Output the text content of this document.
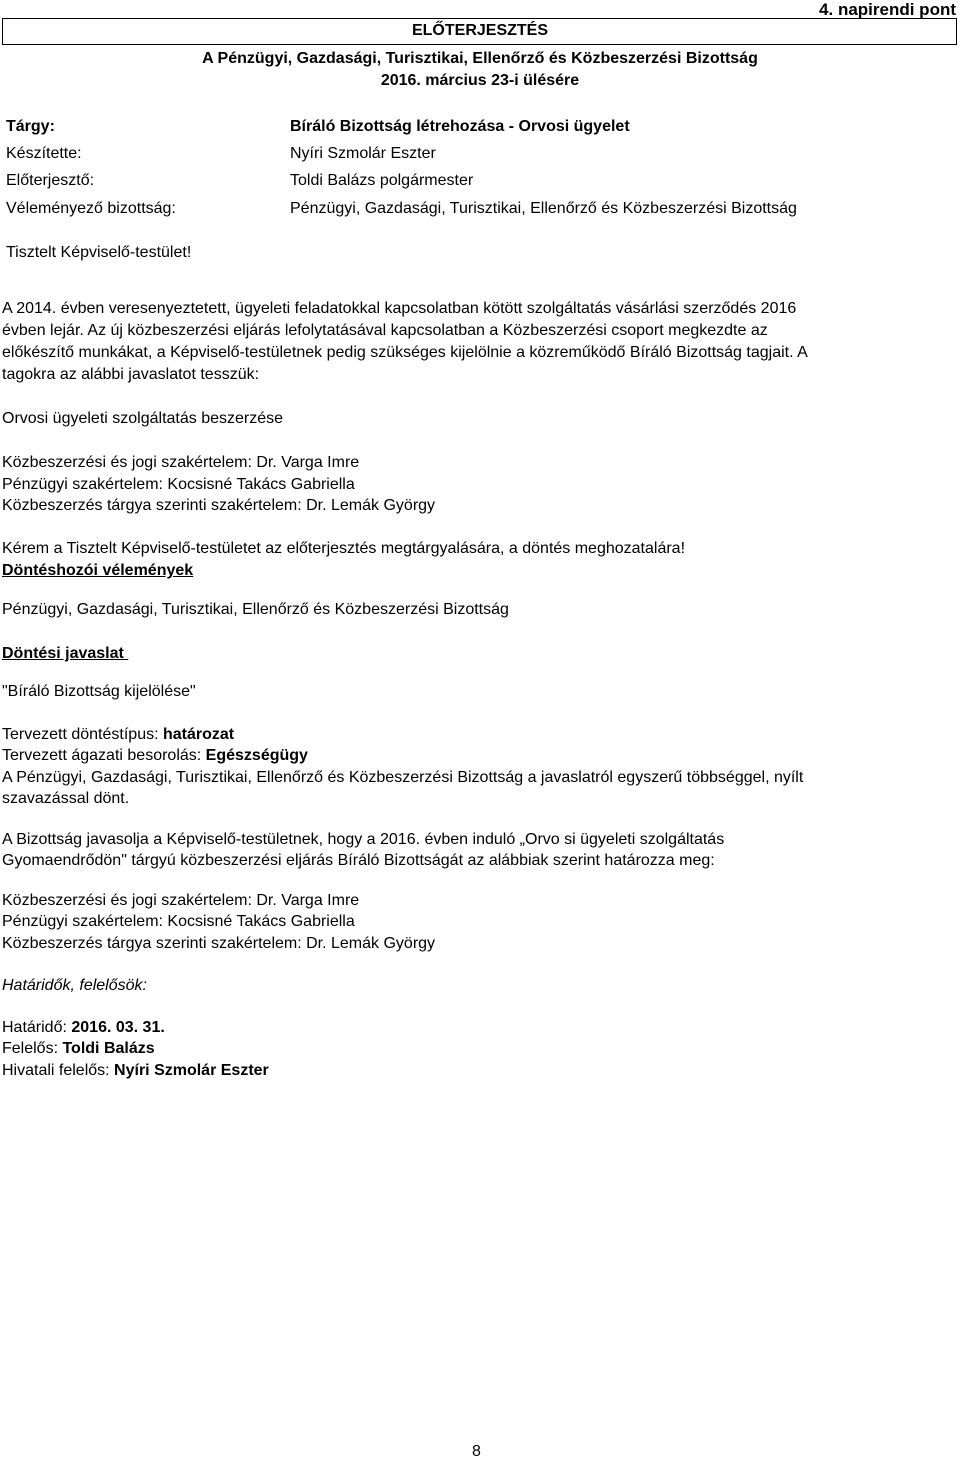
4. napirendi pont
ELŐTERJESZTÉS
A Pénzügyi, Gazdasági, Turisztikai, Ellenőrző és Közbeszerzési Bizottság
2016. március 23-i ülésére
Tárgy:	Bíráló Bizottság létrehozása - Orvosi ügyelet
Készítette:	Nyíri Szmolár Eszter
Előterjesztő:	Toldi Balázs polgármester
Véleményező bizottság:	Pénzügyi, Gazdasági, Turisztikai, Ellenőrző és Közbeszerzési Bizottság
Tisztelt Képviselő-testület!
A 2014. évben veresenyeztetett, ügyeleti feladatokkal kapcsolatban kötött szolgáltatás vásárlási szerződés 2016
évben lejár. Az új közbeszerzési eljárás lefolytatásával kapcsolatban a Közbeszerzési csoport megkezdte az
előkészítő munkákat, a Képviselő-testületnek pedig szükséges kijelölnie a közreműködő Bíráló Bizottság tagjait. A
tagokra az alábbi javaslatot tesszük:
Orvosi ügyeleti szolgáltatás beszerzése
Közbeszerzési és jogi szakértelem: Dr. Varga Imre
Pénzügyi szakértelem: Kocsisné Takács Gabriella
Közbeszerzés tárgya szerinti szakértelem: Dr. Lemák György
Kérem a Tisztelt Képviselő-testületet az előterjesztés megtárgyalására, a döntés meghozatalára!
Döntéshozói vélemények
Pénzügyi, Gazdasági, Turisztikai, Ellenőrző és Közbeszerzési Bizottság
Döntési javaslat
"Bíráló Bizottság kijelölése"
Tervezett döntéstípus: határozat
Tervezett ágazati besorolás: Egészségügy
A Pénzügyi, Gazdasági, Turisztikai, Ellenőrző és Közbeszerzési Bizottság a javaslatról egyszerű többséggel, nyílt
szavazással dönt.
A Bizottság javasolja a Képviselő-testületnek, hogy a 2016. évben induló „Orvo si ügyeleti szolgáltatás
Gyomaendrődön" tárgyú közbeszerzési eljárás Bíráló Bizottságát az alábbiak szerint határozza meg:
Közbeszerzési és jogi szakértelem: Dr. Varga Imre
Pénzügyi szakértelem: Kocsisné Takács Gabriella
Közbeszerzés tárgya szerinti szakértelem: Dr. Lemák György
Határidők, felelősök:
Határidő: 2016. 03. 31.
Felelős: Toldi Balázs
Hivatali felelős: Nyíri Szmolár Eszter
8
